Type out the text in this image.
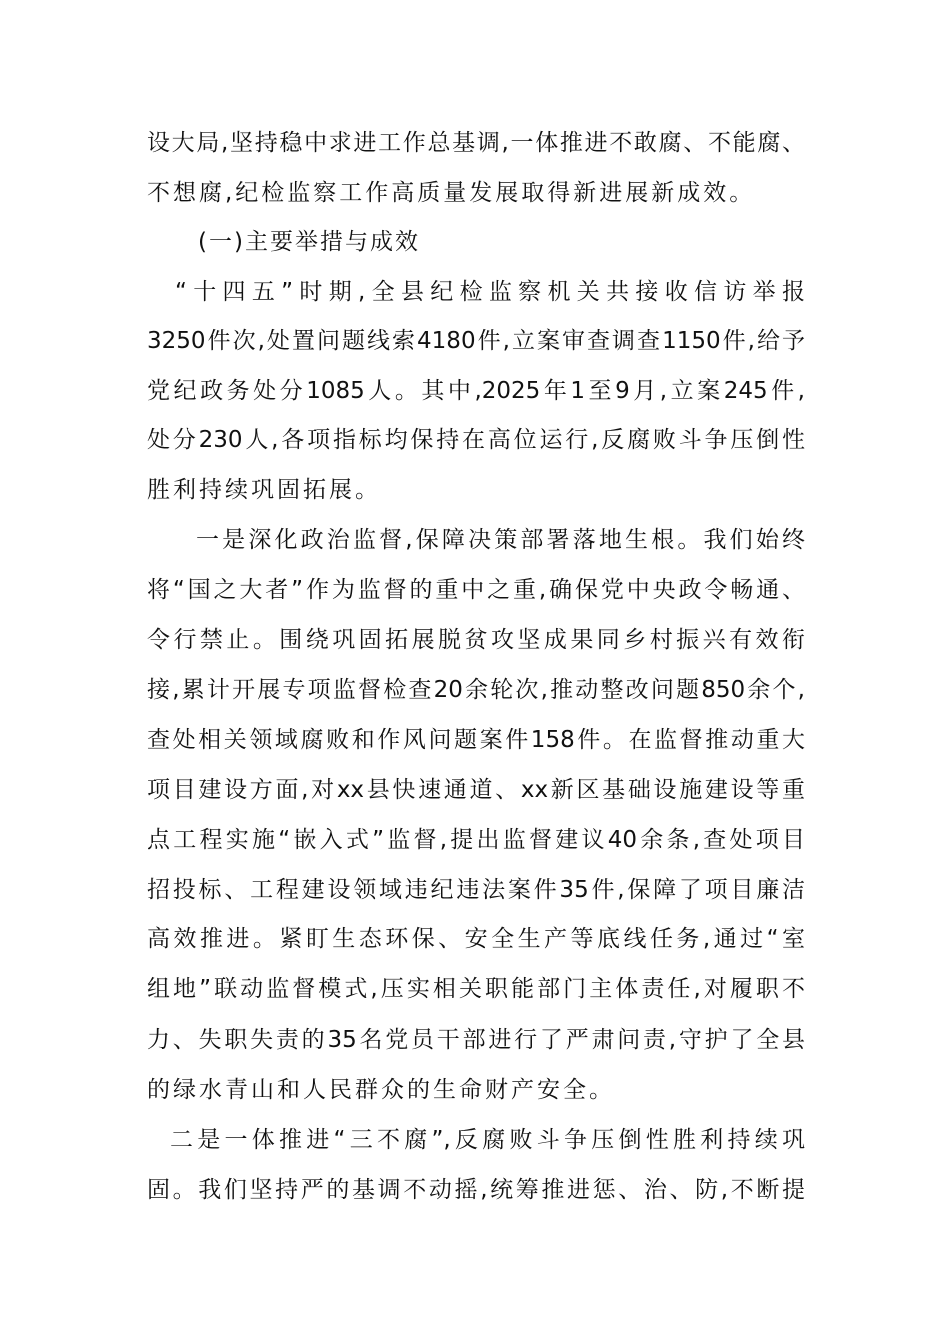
设大局,坚持稳中求进工作总基调,一体推进不敢腐、不能腐、
不想腐,纪检监察工作高质量发展取得新进展新成效。
(一)主要举措与成效
“十四五”时期,全县纪检监察机关共接收信访举报
3250件次,处置问题线索4180件,立案审查调查1150件,给予
党纪政务处分1085人。其中,2025年1至9月,立案245件,
处分230人,各项指标均保持在高位运行,反腐败斗争压倒性
胜利持续巩固拓展。
一是深化政治监督,保障决策部署落地生根。我们始终
将“国之大者”作为监督的重中之重,确保党中央政令畅通、
令行禁止。围绕巩固拓展脱贫攻坚成果同乡村振兴有效衔
接,累计开展专项监督检查20余轮次,推动整改问题850余个,
查处相关领域腐败和作风问题案件158件。在监督推动重大
项目建设方面,对xx县快速通道、xx新区基础设施建设等重
点工程实施“嵌入式”监督,提出监督建议40余条,查处项目
招投标、工程建设领域违纪违法案件35件,保障了项目廉洁
高效推进。紧盯生态环保、安全生产等底线任务,通过“室
组地”联动监督模式,压实相关职能部门主体责任,对履职不
力、失职失责的35名党员干部进行了严肃问责,守护了全县
的绿水青山和人民群众的生命财产安全。
二是一体推进“三不腐”,反腐败斗争压倒性胜利持续巩
固。我们坚持严的基调不动摇,统筹推进惩、治、防,不断提
